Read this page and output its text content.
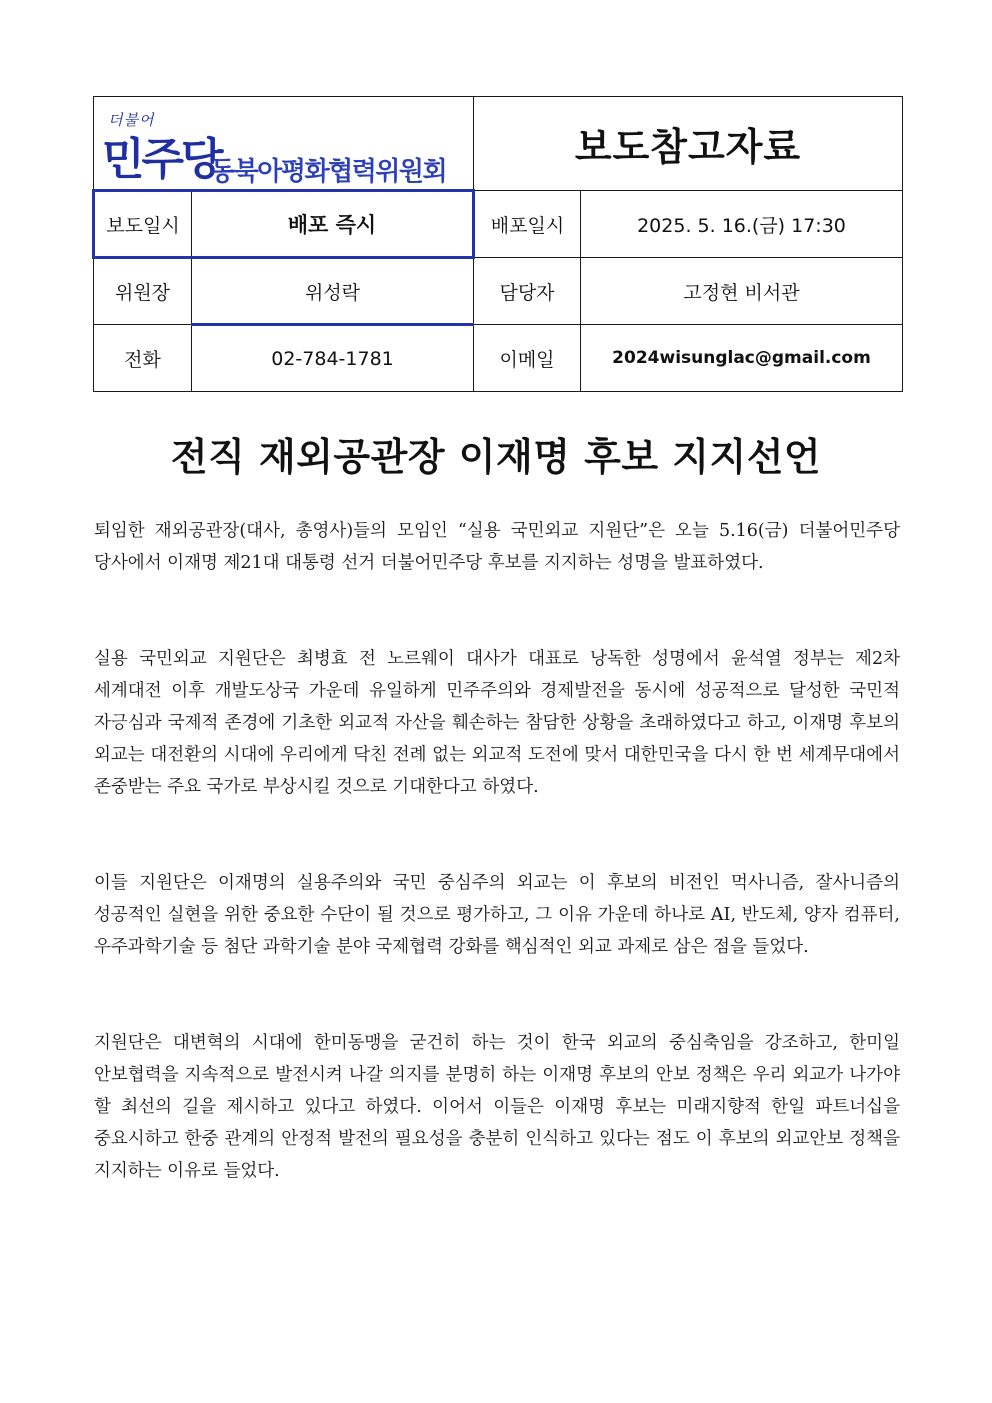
더불어
민주당
동북아평화협력위원회		보도참고자료	
보도일시	배포 즉시	배포일시	2025. 5. 16.(금) 17:30
위원장	위성락	담당자	고정현 비서관
전화	02-784-1781	이메일	2024wisunglac@gmail.com
전직 재외공관장 이재명 후보 지지선언

퇴임한 재외공관장(대사, 총영사)들의 모임인 “실용 국민외교 지원단”은 오늘 5.16(금) 더불어민주당 당사에서 이재명 제21대 대통령 선거 더불어민주당 후보를 지지하는 성명을 발표하였다.

실용 국민외교 지원단은 최병효 전 노르웨이 대사가 대표로 낭독한 성명에서 윤석열 정부는 제2차 세계대전 이후 개발도상국 가운데 유일하게 민주주의와 경제발전을 동시에 성공적으로 달성한 국민적 자긍심과 국제적 존경에 기초한 외교적 자산을 훼손하는 참담한 상황을 초래하였다고 하고, 이재명 후보의 외교는 대전환의 시대에 우리에게 닥친 전례 없는 외교적 도전에 맞서 대한민국을 다시 한 번 세계무대에서 존중받는 주요 국가로 부상시킬 것으로 기대한다고 하였다.

이들 지원단은 이재명의 실용주의와 국민 중심주의 외교는 이 후보의 비전인 먹사니즘, 잘사니즘의 성공적인 실현을 위한 중요한 수단이 될 것으로 평가하고, 그 이유 가운데 하나로 AI, 반도체, 양자 컴퓨터, 우주과학기술 등 첨단 과학기술 분야 국제협력 강화를 핵심적인 외교 과제로 삼은 점을 들었다.

지원단은 대변혁의 시대에 한미동맹을 굳건히 하는 것이 한국 외교의 중심축임을 강조하고, 한미일 안보협력을 지속적으로 발전시켜 나갈 의지를 분명히 하는 이재명 후보의 안보 정책은 우리 외교가 나가야 할 최선의 길을 제시하고 있다고 하였다. 이어서 이들은 이재명 후보는 미래지향적 한일 파트너십을 중요시하고 한중 관계의 안정적 발전의 필요성을 충분히 인식하고 있다는 점도 이 후보의 외교안보 정책을 지지하는 이유로 들었다.
